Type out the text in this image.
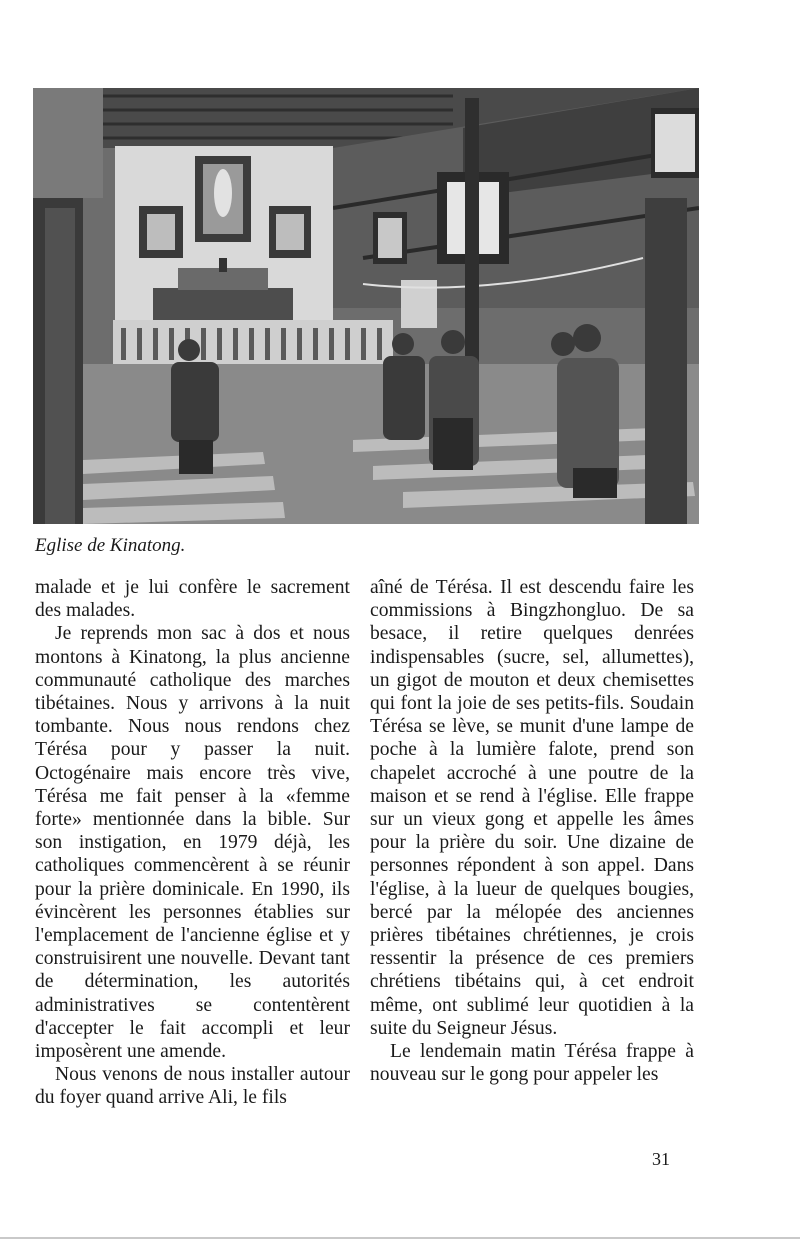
Eglise de Kinatong.

malade et je lui confère le sacrement des malades.

Je reprends mon sac à dos et nous montons à Kinatong, la plus ancienne communauté catholique des marches tibétaines. Nous y arrivons à la nuit tombante. Nous nous rendons chez Térésa pour y passer la nuit. Octogénaire mais encore très vive, Térésa me fait penser à la «femme forte» mentionnée dans la bible. Sur son instigation, en 1979 déjà, les catholiques commencèrent à se réunir pour la prière dominicale. En 1990, ils évincèrent les personnes établies sur l'emplacement de l'ancienne église et y construisirent une nouvelle. Devant tant de détermination, les autorités administratives se contentèrent d'accepter le fait accompli et leur imposèrent une amende.

Nous venons de nous installer autour du foyer quand arrive Ali, le fils

aîné de Térésa. Il est descendu faire les commissions à Bingzhongluo. De sa besace, il retire quelques denrées indispensables (sucre, sel, allumettes), un gigot de mouton et deux chemisettes qui font la joie de ses petits-fils. Soudain Térésa se lève, se munit d'une lampe de poche à la lumière falote, prend son chapelet accroché à une poutre de la maison et se rend à l'église. Elle frappe sur un vieux gong et appelle les âmes pour la prière du soir. Une dizaine de personnes répondent à son appel. Dans l'église, à la lueur de quelques bougies, bercé par la mélopée des anciennes prières tibétaines chrétiennes, je crois ressentir la présence de ces premiers chrétiens tibétains qui, à cet endroit même, ont sublimé leur quotidien à la suite du Seigneur Jésus.

Le lendemain matin Térésa frappe à nouveau sur le gong pour appeler les

31
